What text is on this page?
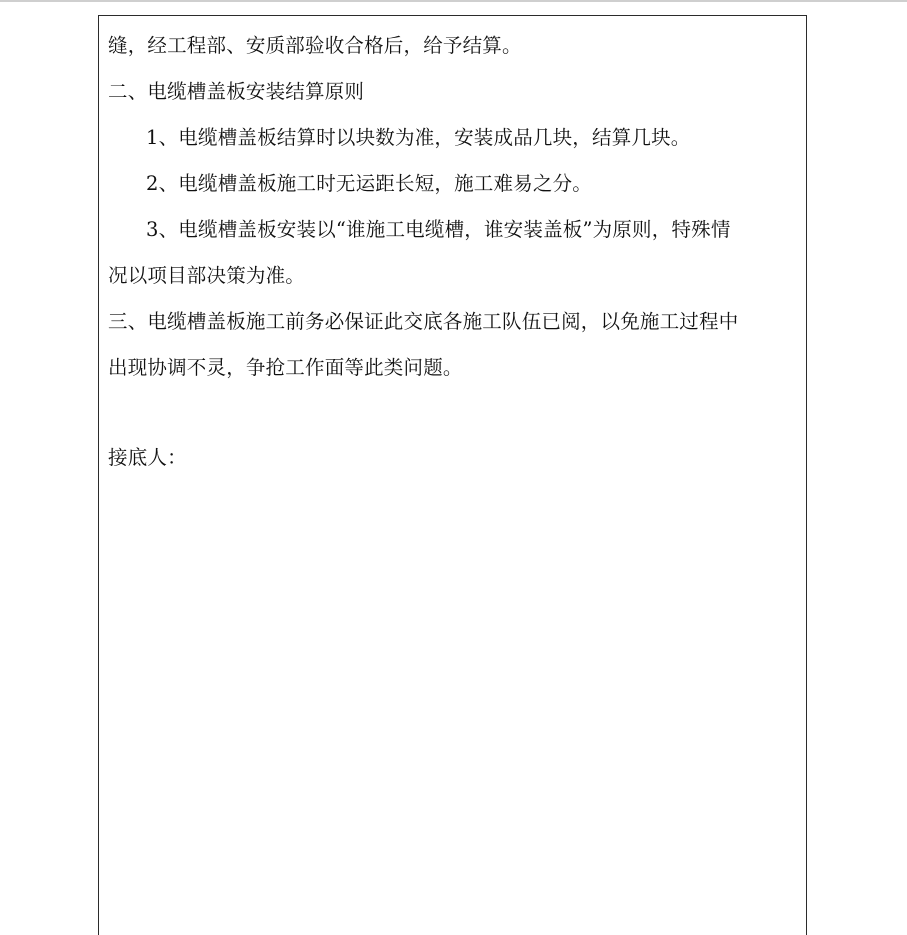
缝，经工程部、安质部验收合格后，给予结算。
二、电缆槽盖板安装结算原则
1、电缆槽盖板结算时以块数为准，安装成品几块，结算几块。
2、电缆槽盖板施工时无运距长短，施工难易之分。
3、电缆槽盖板安装以“谁施工电缆槽，谁安装盖板”为原则，特殊情
况以项目部决策为准。
三、电缆槽盖板施工前务必保证此交底各施工队伍已阅，以免施工过程中
出现协调不灵，争抢工作面等此类问题。
接底人：
